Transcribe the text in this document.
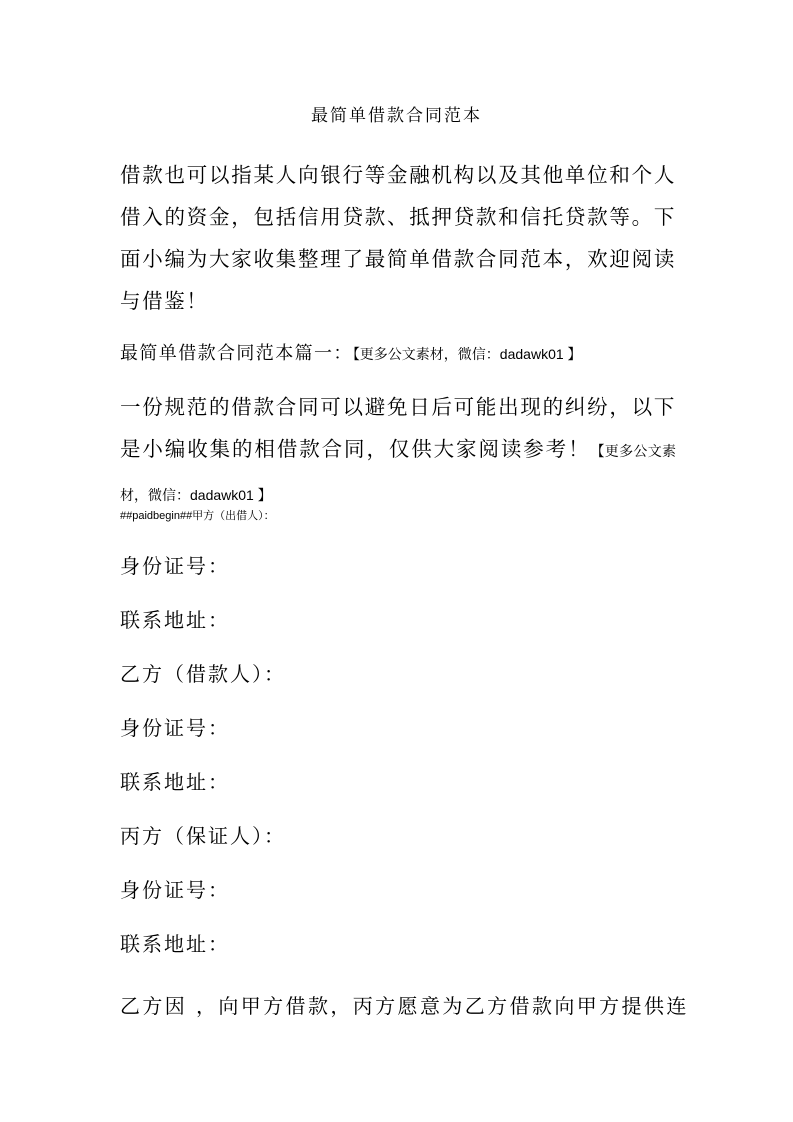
最简单借款合同范本
借款也可以指某人向银行等金融机构以及其他单位和个人借入的资金，包括信用贷款、抵押贷款和信托贷款等。下面小编为大家收集整理了最简单借款合同范本，欢迎阅读与借鉴！
最简单借款合同范本篇一：【更多公文素材，微信：dadawk01 】
一份规范的借款合同可以避免日后可能出现的纠纷，以下是小编收集的相借款合同，仅供大家阅读参考！【更多公文素材，微信：dadawk01 】
##paidbegin##甲方（出借人）：
身份证号：
联系地址：
乙方（借款人）：
身份证号：
联系地址：
丙方（保证人）：
身份证号：
联系地址：
乙方因 ，向甲方借款，丙方愿意为乙方借款向甲方提供连
